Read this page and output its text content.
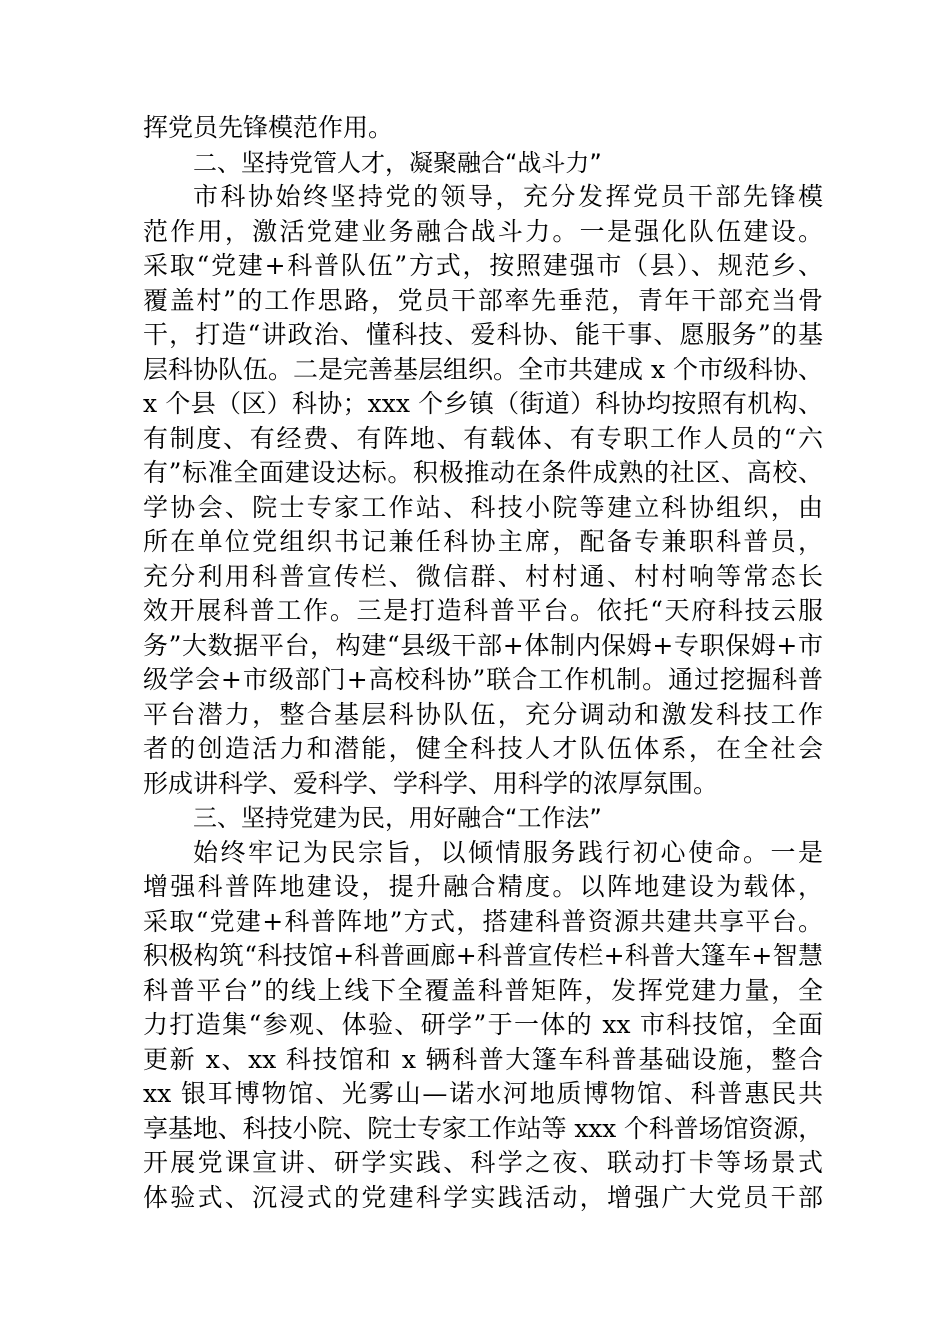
挥党员先锋模范作用。
二、坚持党管人才，凝聚融合“战斗力”
市科协始终坚持党的领导，充分发挥党员干部先锋模
范作用，激活党建业务融合战斗力。一是强化队伍建设。
采取“党建+科普队伍”方式，按照建强市（县）、规范乡、
覆盖村”的工作思路，党员干部率先垂范，青年干部充当骨
干，打造“讲政治、懂科技、爱科协、能干事、愿服务”的基
层科协队伍。二是完善基层组织。全市共建成 x 个市级科协、
x 个县（区）科协；xxx 个乡镇（街道）科协均按照有机构、
有制度、有经费、有阵地、有载体、有专职工作人员的“六
有”标准全面建设达标。积极推动在条件成熟的社区、高校、
学协会、院士专家工作站、科技小院等建立科协组织，由
所在单位党组织书记兼任科协主席，配备专兼职科普员，
充分利用科普宣传栏、微信群、村村通、村村响等常态长
效开展科普工作。三是打造科普平台。依托“天府科技云服
务”大数据平台，构建“县级干部+体制内保姆+专职保姆+市
级学会+市级部门+高校科协”联合工作机制。通过挖掘科普
平台潜力，整合基层科协队伍，充分调动和激发科技工作
者的创造活力和潜能，健全科技人才队伍体系，在全社会
形成讲科学、爱科学、学科学、用科学的浓厚氛围。
三、坚持党建为民，用好融合“工作法”
始终牢记为民宗旨，以倾情服务践行初心使命。一是
增强科普阵地建设，提升融合精度。以阵地建设为载体，
采取“党建+科普阵地”方式，搭建科普资源共建共享平台。
积极构筑“科技馆+科普画廊+科普宣传栏+科普大篷车+智慧
科普平台”的线上线下全覆盖科普矩阵，发挥党建力量，全
力打造集“参观、体验、研学”于一体的 xx 市科技馆，全面
更新 x、xx 科技馆和 x 辆科普大篷车科普基础设施，整合
xx 银耳博物馆、光雾山—诺水河地质博物馆、科普惠民共
享基地、科技小院、院士专家工作站等 xxx 个科普场馆资源，
开展党课宣讲、研学实践、科学之夜、联动打卡等场景式
体验式、沉浸式的党建科学实践活动，增强广大党员干部
